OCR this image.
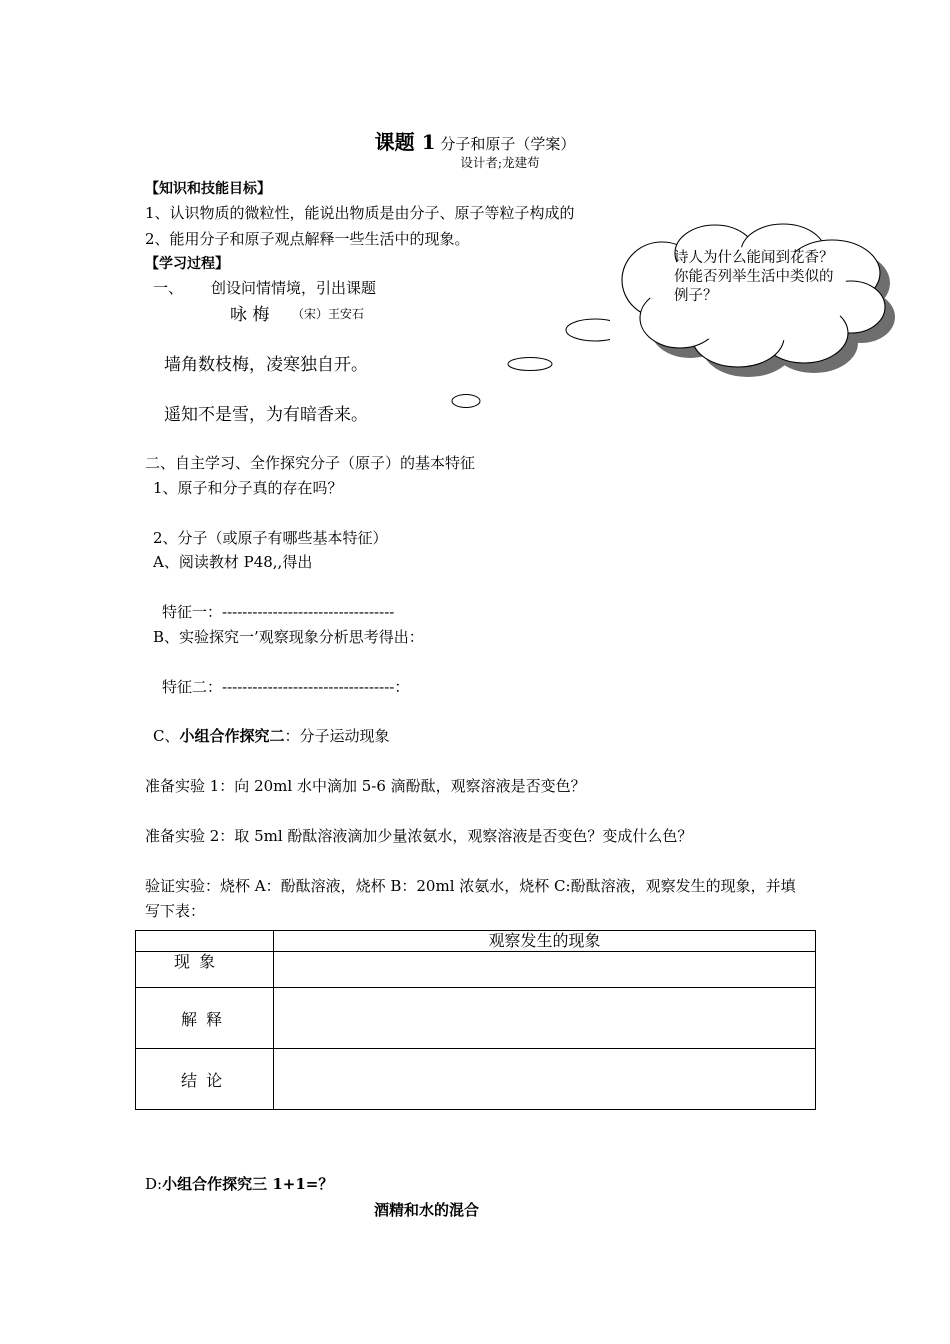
课题 1 分子和原子（学案）
设计者;龙建苟
【知识和技能目标】
1、认识物质的微粒性，能说出物质是由分子、原子等粒子构成的
2、能用分子和原子观点解释一些生活中的现象。
【学习过程】
一、 创设问情情境，引出课题
咏 梅 （宋）王安石
墙角数枝梅，凌寒独自开。
遥知不是雪，为有暗香来。
诗人为什么能闻到花香？你能否列举生活中类似的例子？
二、自主学习、全作探究分子（原子）的基本特征
1、原子和分子真的存在吗？
2、分子（或原子有哪些基本特征）
A、阅读教材 P48,,得出
特征一：----------------------------------
B、实验探究一’观察现象分析思考得出：
特征二：----------------------------------：
C、小组合作探究二：分子运动现象
准备实验 1：向 20ml 水中滴加 5-6 滴酚酞，观察溶液是否变色？
准备实验 2：取 5ml 酚酞溶液滴加少量浓氨水，观察溶液是否变色？变成什么色？
验证实验：烧杯 A：酚酞溶液，烧杯 B：20ml 浓氨水，烧杯 C:酚酞溶液，观察发生的现象，并填
写下表：
	观察发生的现象
现 象	
解 释	
结 论	
D:小组合作探究三 1+1=？
酒精和水的混合
